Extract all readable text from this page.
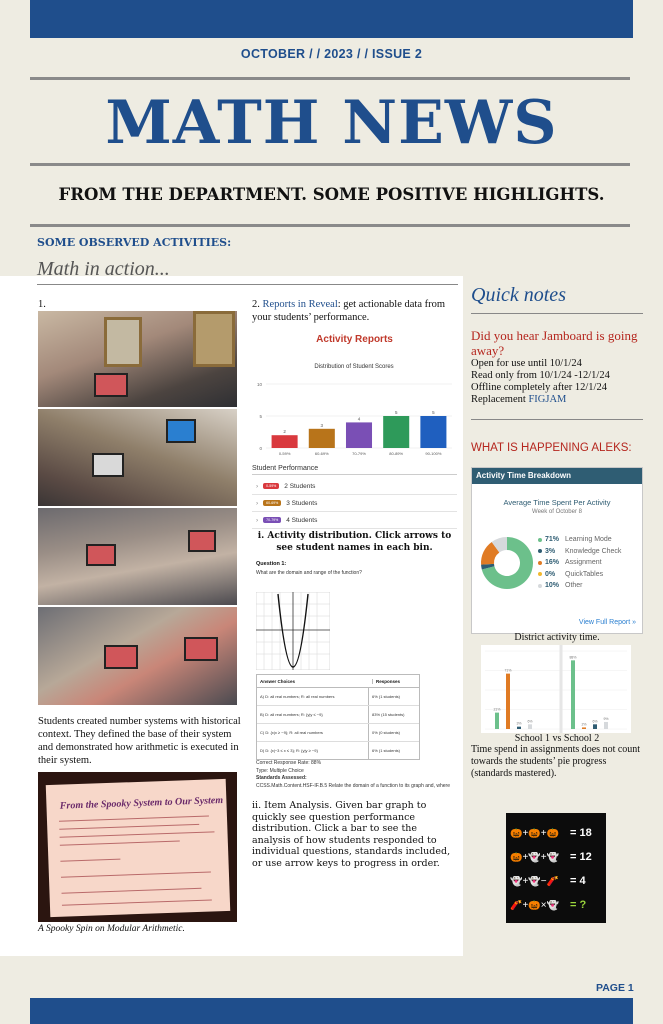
OCTOBER / / 2023 / / ISSUE 2
MATH NEWS
FROM THE DEPARTMENT. SOME POSITIVE HIGHLIGHTS.
SOME OBSERVED ACTIVITIES:
Math in action...
1.
Students created number systems with historical context. They defined the base of their system and demonstrated how arithmetic is executed in their system.
From the Spooky System to Our System
A Spooky Spin on Modular Arithmetic.
2. Reports in Reveal: get actionable data from your students’ performance.
Activity Reports
Distribution of Student Scores
0
5
10
2
0-59%
3
60-69%
4
70-79%
5
80-89%
5
90-100%
Student Performance
›	0-59%	2 Students
›	60-69%	3 Students
›	70-79%	4 Students
i. Activity distribution. Click arrows to see student names in each bin.
Question 1:
What are the domain and range of the function?
Answer Choices	Responses
A) D: all real numbers; R: all real numbers	6% (1 students)
B) D: all real numbers; R: {y|y ≤ −9}	83% (15 students)
C) D: {x|x ≥ −9}; R: all real numbers	0% (0 students)
D) D: {x|−3 ≤ x ≤ 3}; R: {y|y ≥ −9}	6% (1 students)
Correct Response Rate: 88%
Type: Multiple Choice
Standards Assessed:
CCSS.Math.Content.HSF-IF.B.5 Relate the domain of a function to its graph and, where
ii. Item Analysis. Given bar graph to quickly see question performance distribution. Click a bar to see the analysis of how students responded to individual questions, standards included, or use arrow keys to progress in order.
Quick notes
Did you hear Jamboard is going away?
Open for use until 10/1/24
Read only from 10/1/24 -12/1/24
Offline completely after 12/1/24
Replacement FIGJAM
WHAT IS HAPPENING ALEKS:
Activity Time Breakdown
Average Time Spent Per Activity
Week of October 8
71% Learning Mode
3%	Knowledge Check
16% Assignment
0%	QuickTables
10% Other
View Full Report »
District activity time.
21%
71%
3%
6%
88%
2%
6%
9%
School 1 vs School 2
Time spend in assignments does not count towards the students’ pie progress (standards mastered).
🎃+🎃+🎃 = 18
🎃+👻+👻 = 12
👻+👻−🧨 = 4
🧨+🎃×👻 = ?
PAGE 1
